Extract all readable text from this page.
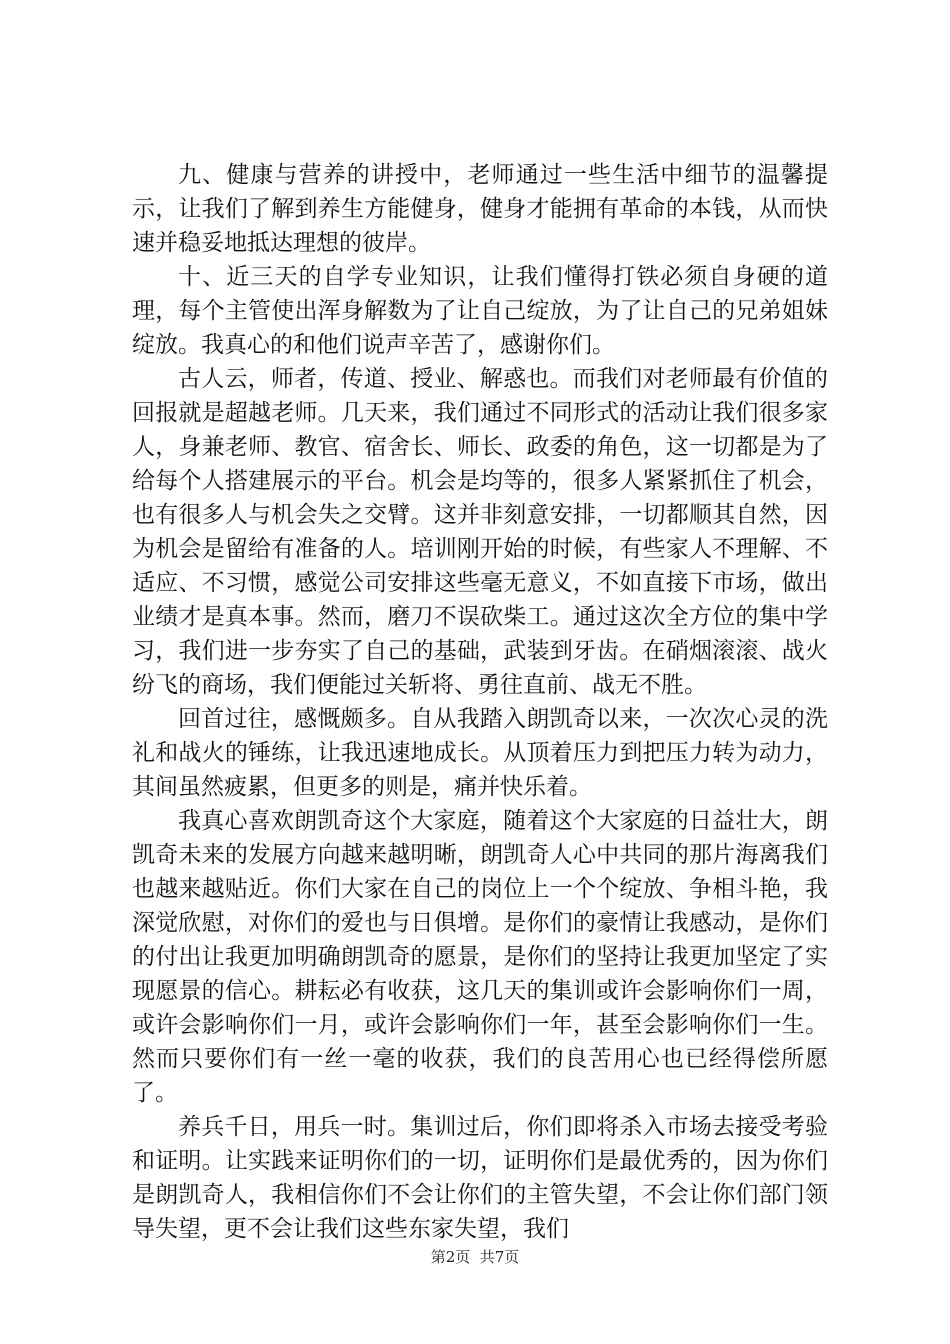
九、健康与营养的讲授中，老师通过一些生活中细节的温馨提示，让我们了解到养生方能健身，健身才能拥有革命的本钱，从而快速并稳妥地抵达理想的彼岸。

十、近三天的自学专业知识，让我们懂得打铁必须自身硬的道理，每个主管使出浑身解数为了让自己绽放，为了让自己的兄弟姐妹绽放。我真心的和他们说声辛苦了，感谢你们。

古人云，师者，传道、授业、解惑也。而我们对老师最有价值的回报就是超越老师。几天来，我们通过不同形式的活动让我们很多家人，身兼老师、教官、宿舍长、师长、政委的角色，这一切都是为了给每个人搭建展示的平台。机会是均等的，很多人紧紧抓住了机会，也有很多人与机会失之交臂。这并非刻意安排，一切都顺其自然，因为机会是留给有准备的人。培训刚开始的时候，有些家人不理解、不适应、不习惯，感觉公司安排这些毫无意义，不如直接下市场，做出业绩才是真本事。然而，磨刀不误砍柴工。通过这次全方位的集中学习，我们进一步夯实了自己的基础，武装到牙齿。在硝烟滚滚、战火纷飞的商场，我们便能过关斩将、勇往直前、战无不胜。

回首过往，感慨颇多。自从我踏入朗凯奇以来，一次次心灵的洗礼和战火的锤练，让我迅速地成长。从顶着压力到把压力转为动力，其间虽然疲累，但更多的则是，痛并快乐着。

我真心喜欢朗凯奇这个大家庭，随着这个大家庭的日益壮大，朗凯奇未来的发展方向越来越明晰，朗凯奇人心中共同的那片海离我们也越来越贴近。你们大家在自己的岗位上一个个绽放、争相斗艳，我深觉欣慰，对你们的爱也与日俱增。是你们的豪情让我感动，是你们的付出让我更加明确朗凯奇的愿景，是你们的坚持让我更加坚定了实现愿景的信心。耕耘必有收获，这几天的集训或许会影响你们一周，或许会影响你们一月，或许会影响你们一年，甚至会影响你们一生。然而只要你们有一丝一毫的收获，我们的良苦用心也已经得偿所愿了。

养兵千日，用兵一时。集训过后，你们即将杀入市场去接受考验和证明。让实践来证明你们的一切，证明你们是最优秀的，因为你们是朗凯奇人，我相信你们不会让你们的主管失望，不会让你们部门领导失望，更不会让我们这些东家失望，我们

第2页  共7页
